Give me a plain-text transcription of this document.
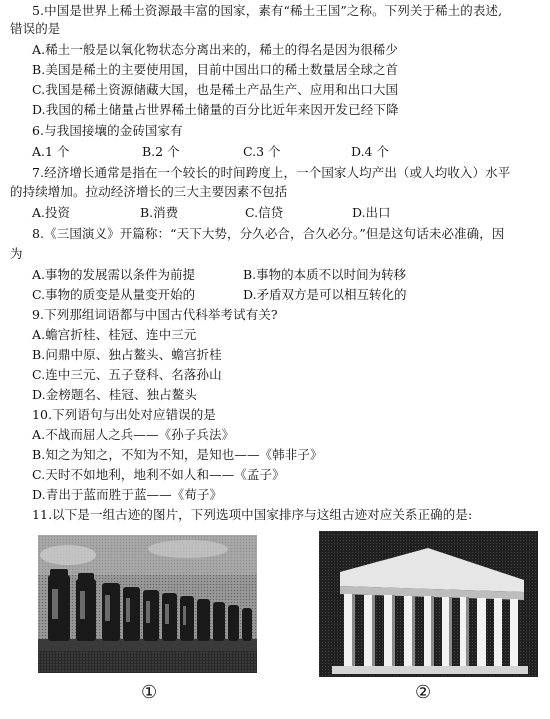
5.中国是世界上稀土资源最丰富的国家，素有“稀土王国”之称。下列关于稀土的表述,
错误的是
A.稀土一般是以氧化物状态分离出来的，稀土的得名是因为很稀少
B.美国是稀土的主要使用国，目前中国出口的稀土数量居全球之首
C.我国是稀土资源储藏大国，也是稀土产品生产、应用和出口大国
D.我国的稀土储量占世界稀土储量的百分比近年来因开发已经下降
6.与我国接壤的金砖国家有
A.1 个	B.2 个	C.3 个	D.4 个
7.经济增长通常是指在一个较长的时间跨度上，一个国家人均产出（或人均收入）水平
的持续增加。拉动经济增长的三大主要因素不包括
A.投资	B.消费	C.信贷	D.出口
8.《三国演义》开篇称：“天下大势，分久必合，合久必分。”但是这句话未必准确，因
为
A.事物的发展需以条件为前提	B.事物的本质不以时间为转移
C.事物的质变是从量变开始的	D.矛盾双方是可以相互转化的
9.下列那组词语都与中国古代科举考试有关?
A.蟾宫折桂、桂冠、连中三元
B.问鼎中原、独占鳌头、蟾宫折桂
C.连中三元、五子登科、名落孙山
D.金榜题名、桂冠、独占鳌头
10.下列语句与出处对应错误的是
A.不战而屈人之兵——《孙子兵法》
B.知之为知之，不知为不知，是知也——《韩非子》
C.天时不如地利，地利不如人和——《孟子》
D.青出于蓝而胜于蓝——《荀子》
11.以下是一组古迹的图片，下列选项中国家排序与这组古迹对应关系正确的是:
①	②
